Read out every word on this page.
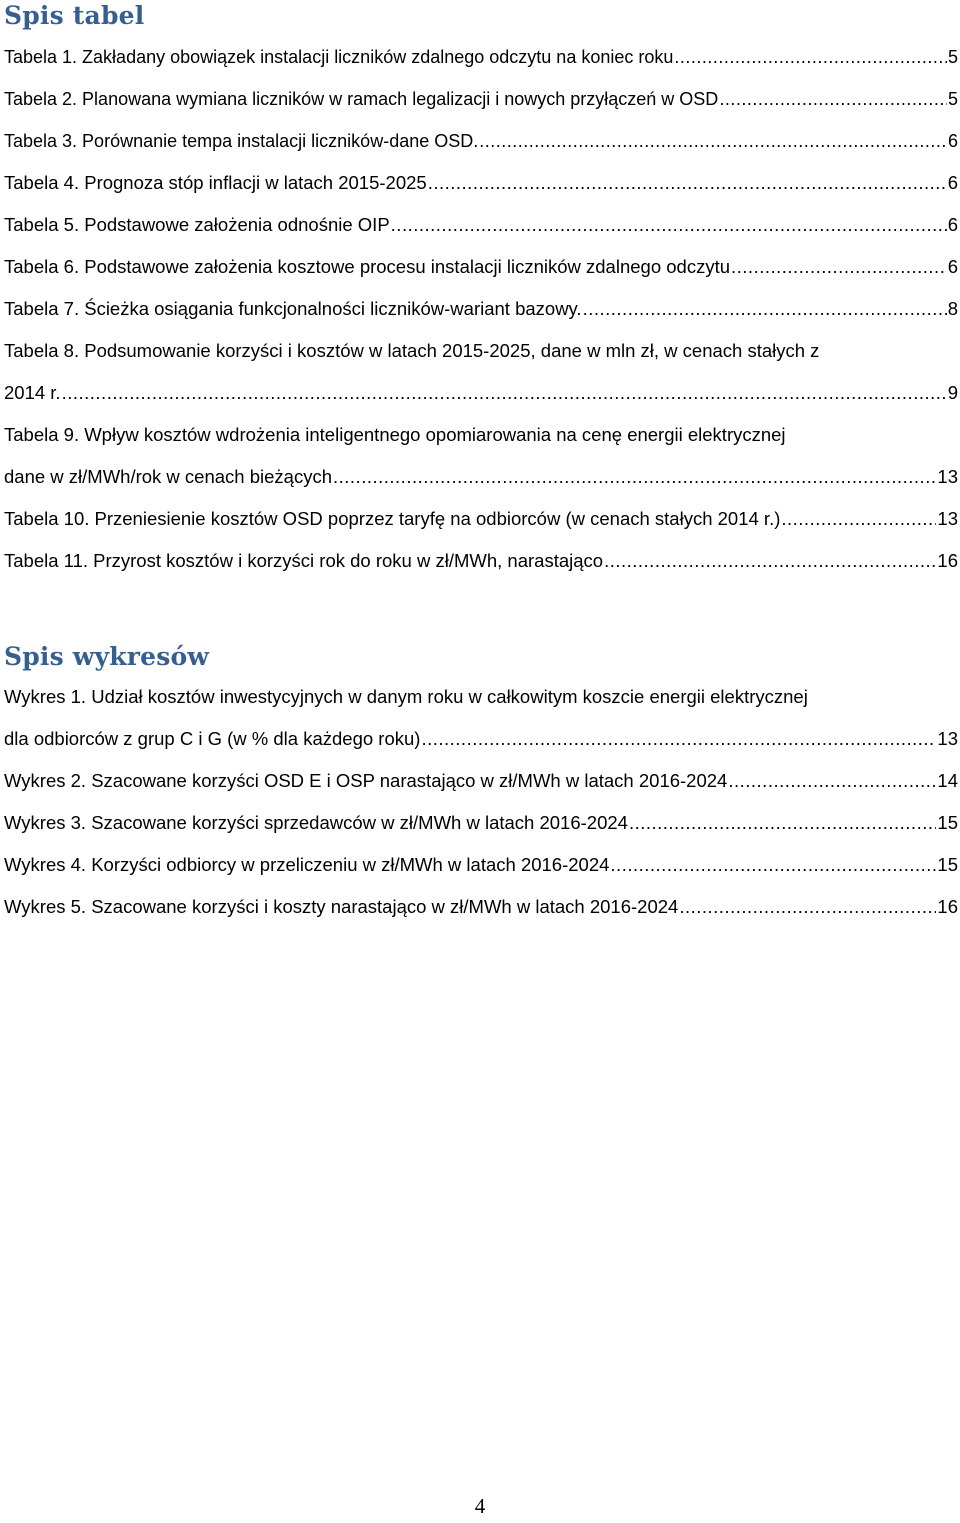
Spis tabel
Tabela 1. Zakładany obowiązek instalacji liczników zdalnego odczytu na koniec roku .....	5
Tabela 2. Planowana wymiana liczników w ramach legalizacji i nowych przyłączeń w OSD .....	5
Tabela 3. Porównanie tempa instalacji liczników-dane OSD. .....	6
Tabela 4. Prognoza stóp inflacji w latach 2015-2025 .....	6
Tabela 5. Podstawowe założenia odnośnie OIP .....	6
Tabela 6. Podstawowe założenia kosztowe procesu instalacji liczników zdalnego odczytu .....	6
Tabela 7. Ścieżka osiągania funkcjonalności liczników-wariant bazowy. .....	8
Tabela 8. Podsumowanie korzyści i kosztów w latach 2015-2025, dane w mln zł, w cenach stałych z
2014 r. .....	9
Tabela 9. Wpływ kosztów wdrożenia inteligentnego opomiarowania na cenę energii elektrycznej
dane w zł/MWh/rok w cenach bieżących .....	13
Tabela 10. Przeniesienie kosztów OSD poprzez taryfę na odbiorców (w cenach stałych 2014 r.) .....	13
Tabela 11. Przyrost kosztów i korzyści rok do roku w zł/MWh, narastająco .....	16
Spis wykresów
Wykres 1. Udział kosztów inwestycyjnych w danym roku w całkowitym koszcie energii elektrycznej
dla odbiorców z grup C i G (w % dla każdego roku) .....	13
Wykres 2. Szacowane korzyści OSD E i OSP narastająco w zł/MWh w latach 2016-2024 .....	14
Wykres 3. Szacowane korzyści sprzedawców w zł/MWh w latach 2016-2024 .....	15
Wykres 4. Korzyści odbiorcy w przeliczeniu w zł/MWh w latach 2016-2024 .....	15
Wykres 5. Szacowane korzyści i koszty narastająco w zł/MWh w latach 2016-2024 .....	16
4
